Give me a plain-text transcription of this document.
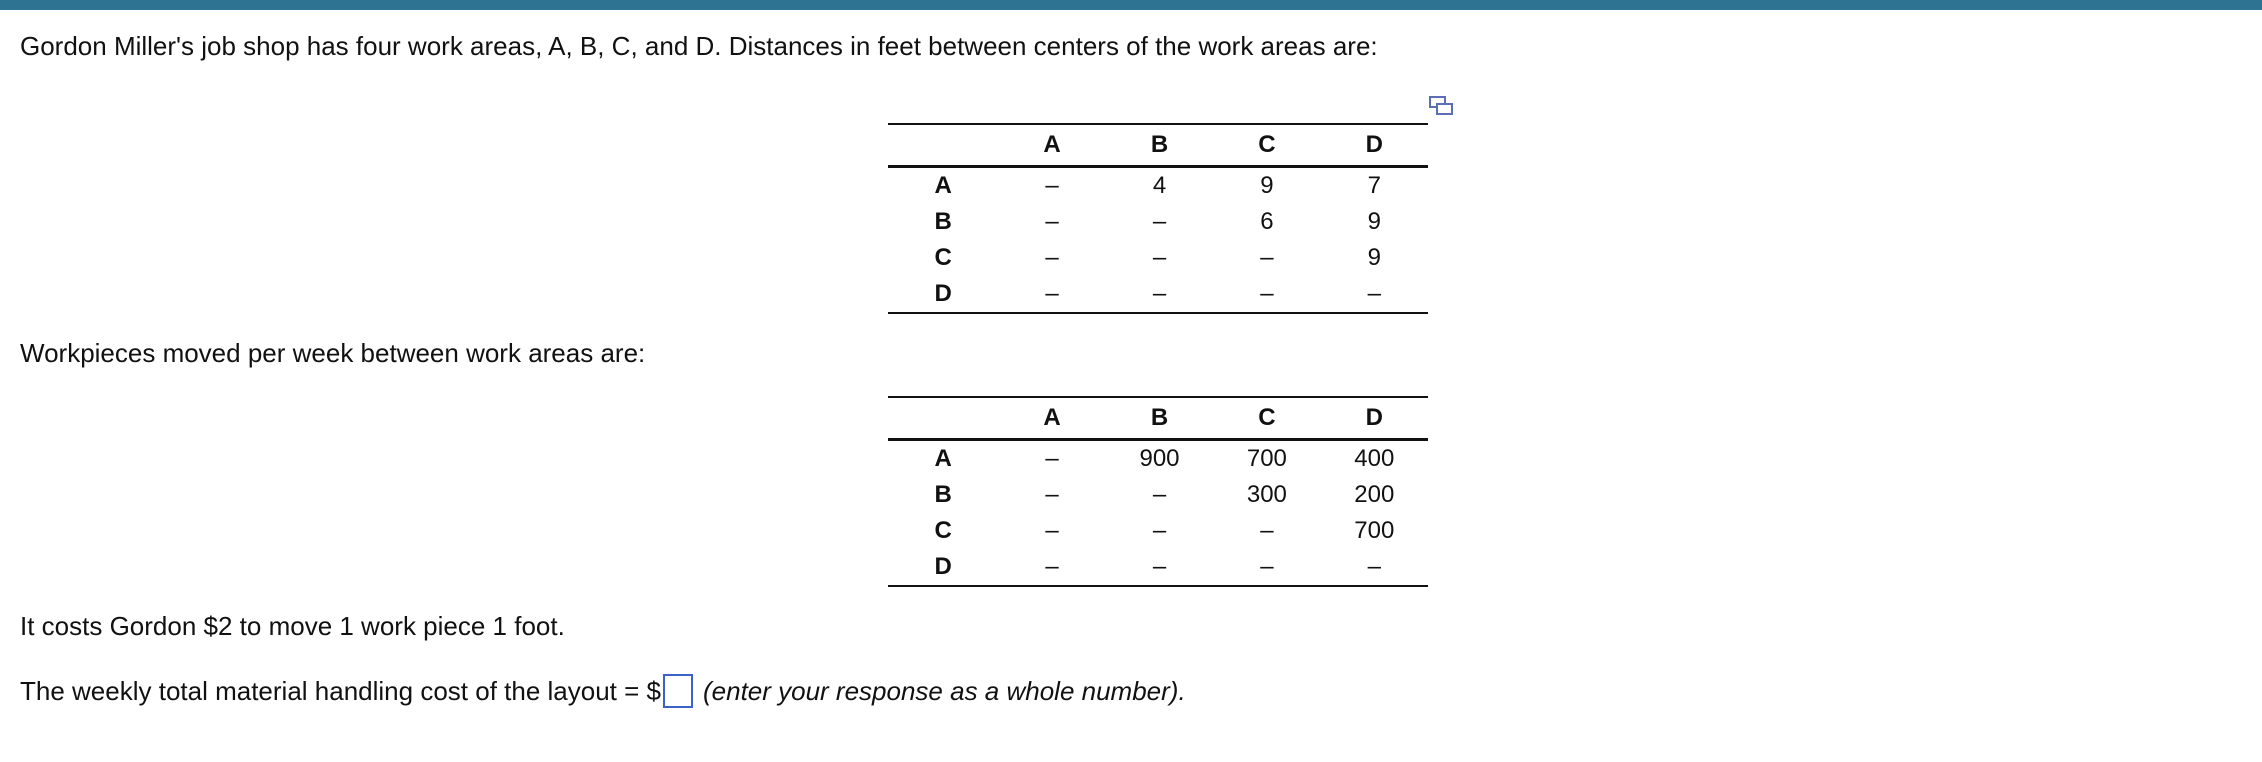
Gordon Miller's job shop has four work areas, A, B, C, and D. Distances in feet between centers of the work areas are:
	A	B	C	D
A	–	4	9	7
B	–	–	6	9
C	–	–	–	9
D	–	–	–	–
Workpieces moved per week between work areas are:
	A	B	C	D
A	–	900	700	400
B	–	–	300	200
C	–	–	–	700
D	–	–	–	–
It costs Gordon $2 to move 1 work piece 1 foot.
The weekly total material handling cost of the layout = $ (enter your response as a whole number).
